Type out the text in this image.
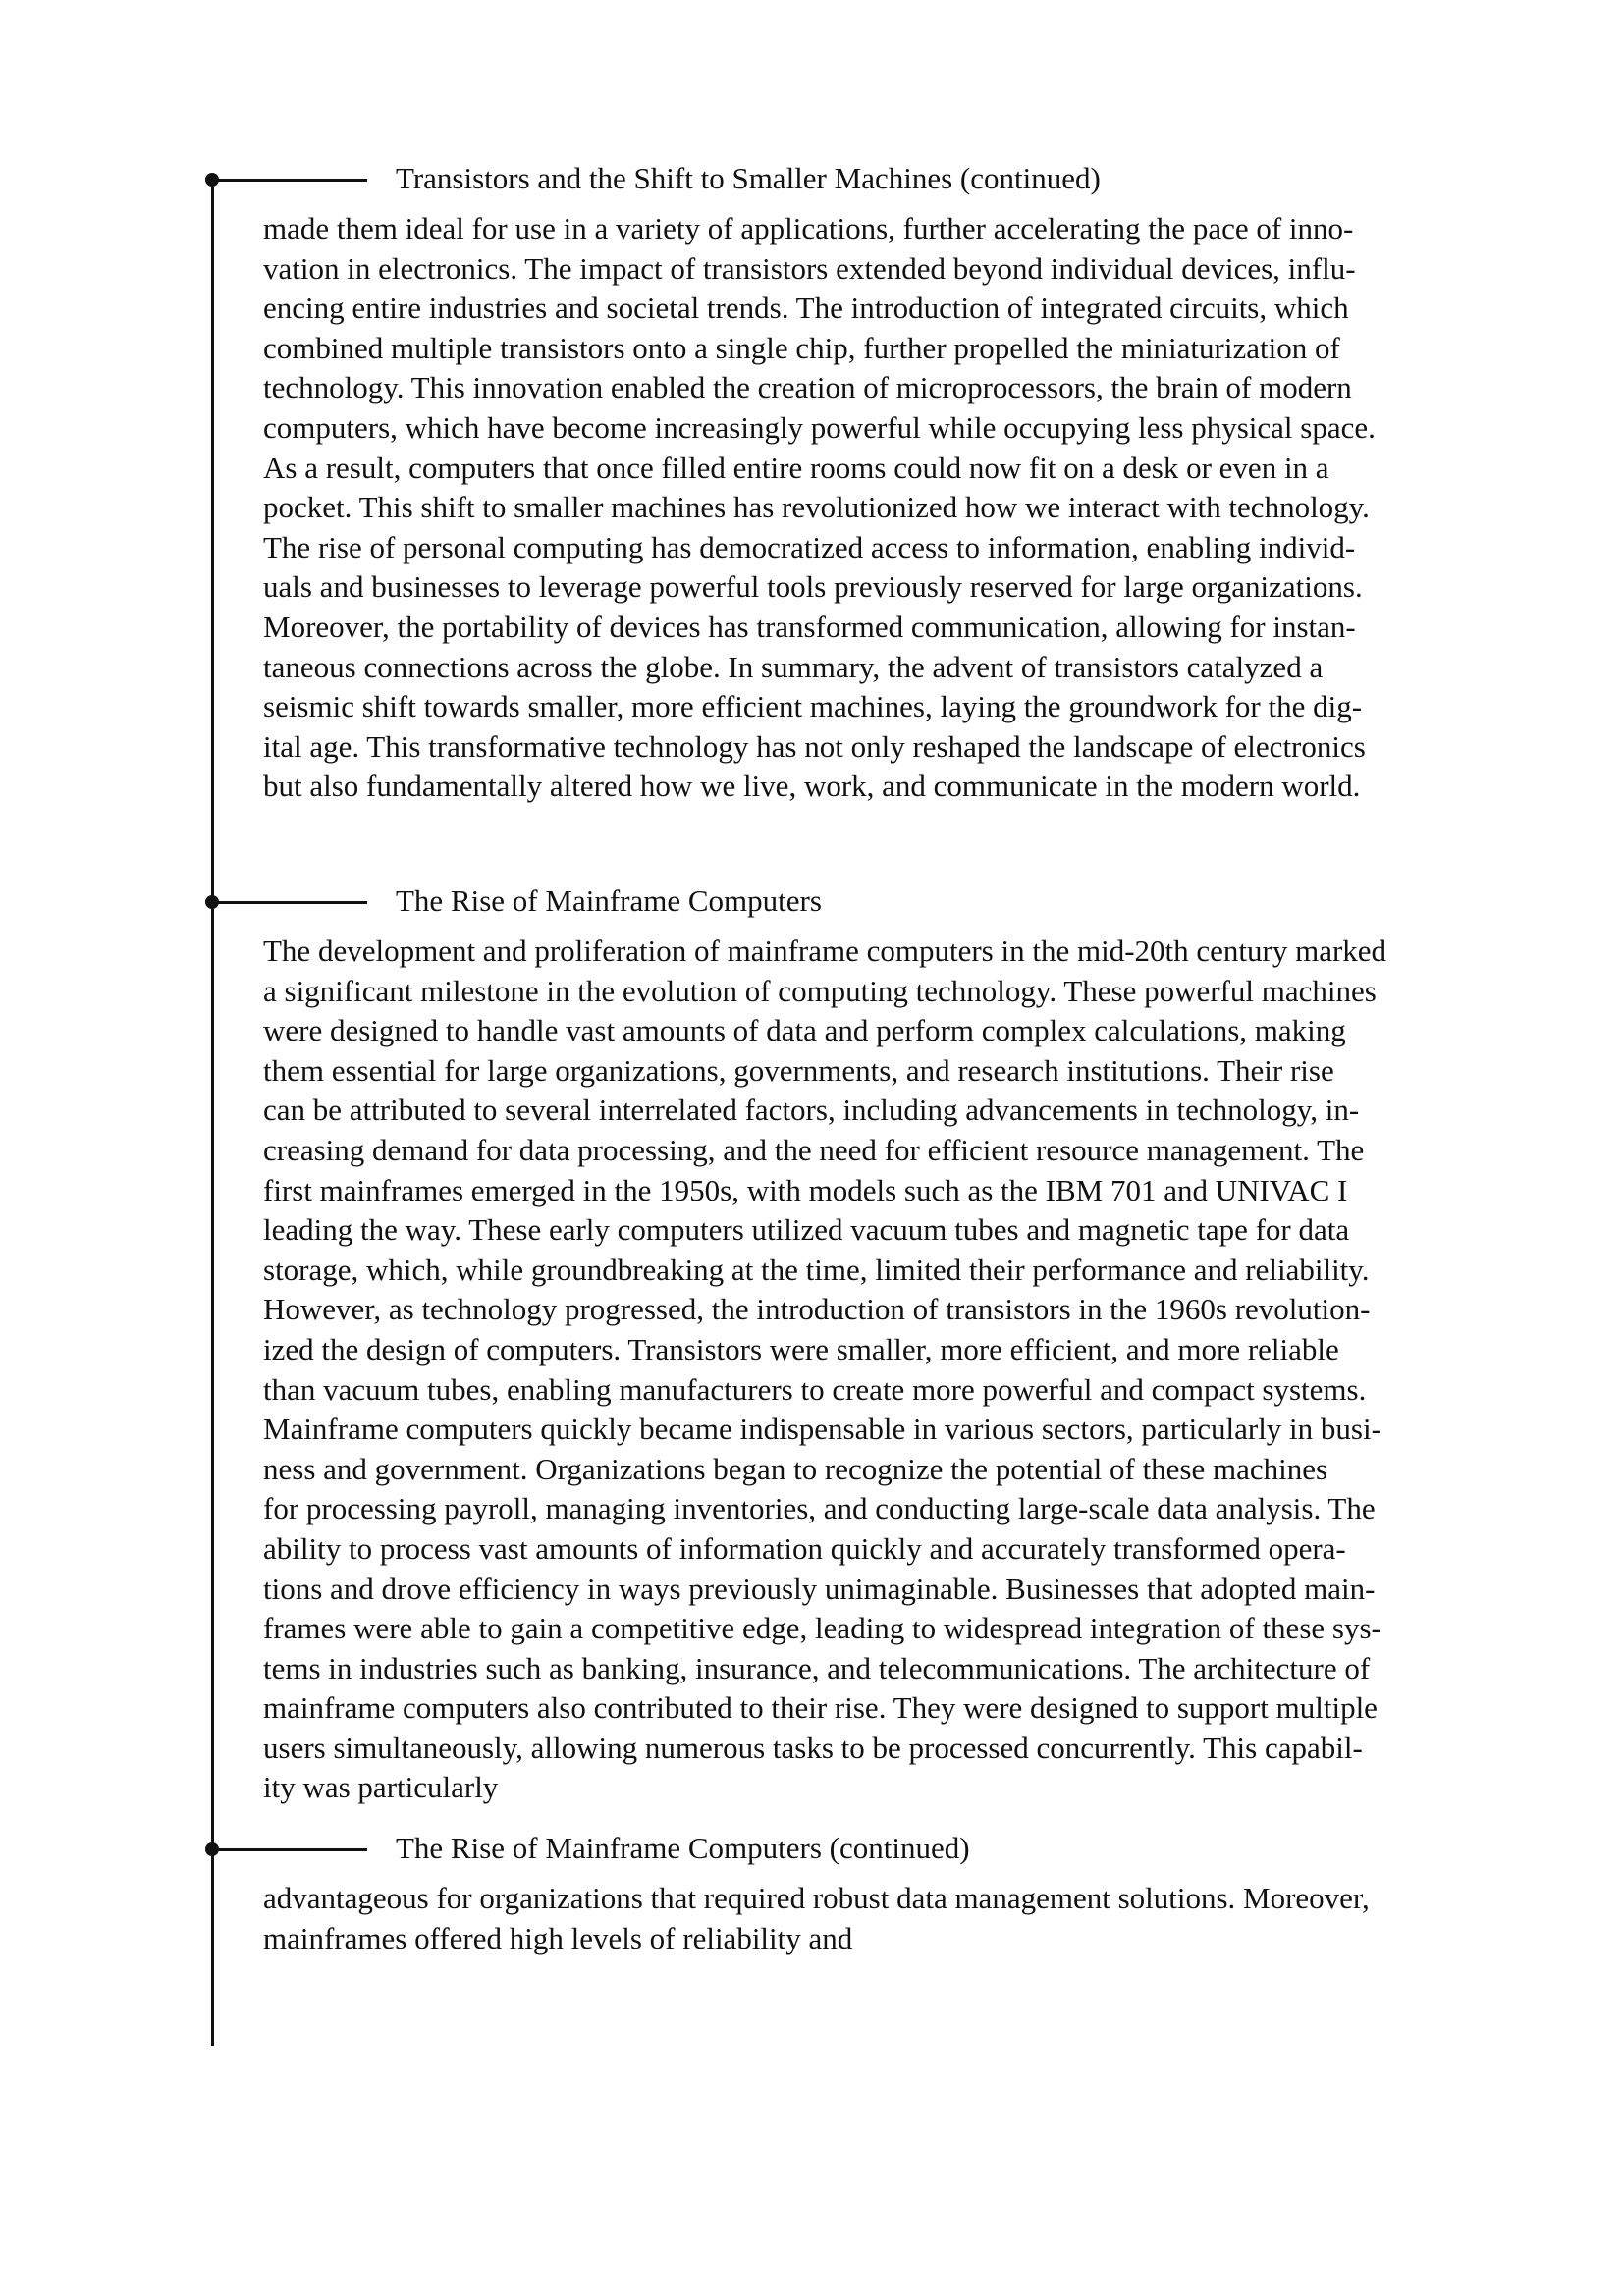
Transistors and the Shift to Smaller Machines (continued)
made them ideal for use in a variety of applications, further accelerating the pace of inno-
vation in electronics. The impact of transistors extended beyond individual devices, influ-
encing entire industries and societal trends. The introduction of integrated circuits, which
combined multiple transistors onto a single chip, further propelled the miniaturization of
technology. This innovation enabled the creation of microprocessors, the brain of modern
computers, which have become increasingly powerful while occupying less physical space.
As a result, computers that once filled entire rooms could now fit on a desk or even in a
pocket. This shift to smaller machines has revolutionized how we interact with technology.
The rise of personal computing has democratized access to information, enabling individ-
uals and businesses to leverage powerful tools previously reserved for large organizations.
Moreover, the portability of devices has transformed communication, allowing for instan-
taneous connections across the globe. In summary, the advent of transistors catalyzed a
seismic shift towards smaller, more efficient machines, laying the groundwork for the dig-
ital age. This transformative technology has not only reshaped the landscape of electronics
but also fundamentally altered how we live, work, and communicate in the modern world.
The Rise of Mainframe Computers
The development and proliferation of mainframe computers in the mid-20th century marked
a significant milestone in the evolution of computing technology. These powerful machines
were designed to handle vast amounts of data and perform complex calculations, making
them essential for large organizations, governments, and research institutions. Their rise
can be attributed to several interrelated factors, including advancements in technology, in-
creasing demand for data processing, and the need for efficient resource management. The
first mainframes emerged in the 1950s, with models such as the IBM 701 and UNIVAC I
leading the way. These early computers utilized vacuum tubes and magnetic tape for data
storage, which, while groundbreaking at the time, limited their performance and reliability.
However, as technology progressed, the introduction of transistors in the 1960s revolution-
ized the design of computers. Transistors were smaller, more efficient, and more reliable
than vacuum tubes, enabling manufacturers to create more powerful and compact systems.
Mainframe computers quickly became indispensable in various sectors, particularly in busi-
ness and government. Organizations began to recognize the potential of these machines
for processing payroll, managing inventories, and conducting large-scale data analysis. The
ability to process vast amounts of information quickly and accurately transformed opera-
tions and drove efficiency in ways previously unimaginable. Businesses that adopted main-
frames were able to gain a competitive edge, leading to widespread integration of these sys-
tems in industries such as banking, insurance, and telecommunications. The architecture of
mainframe computers also contributed to their rise. They were designed to support multiple
users simultaneously, allowing numerous tasks to be processed concurrently. This capabil-
ity was particularly
The Rise of Mainframe Computers (continued)
advantageous for organizations that required robust data management solutions. Moreover,
mainframes offered high levels of reliability and
